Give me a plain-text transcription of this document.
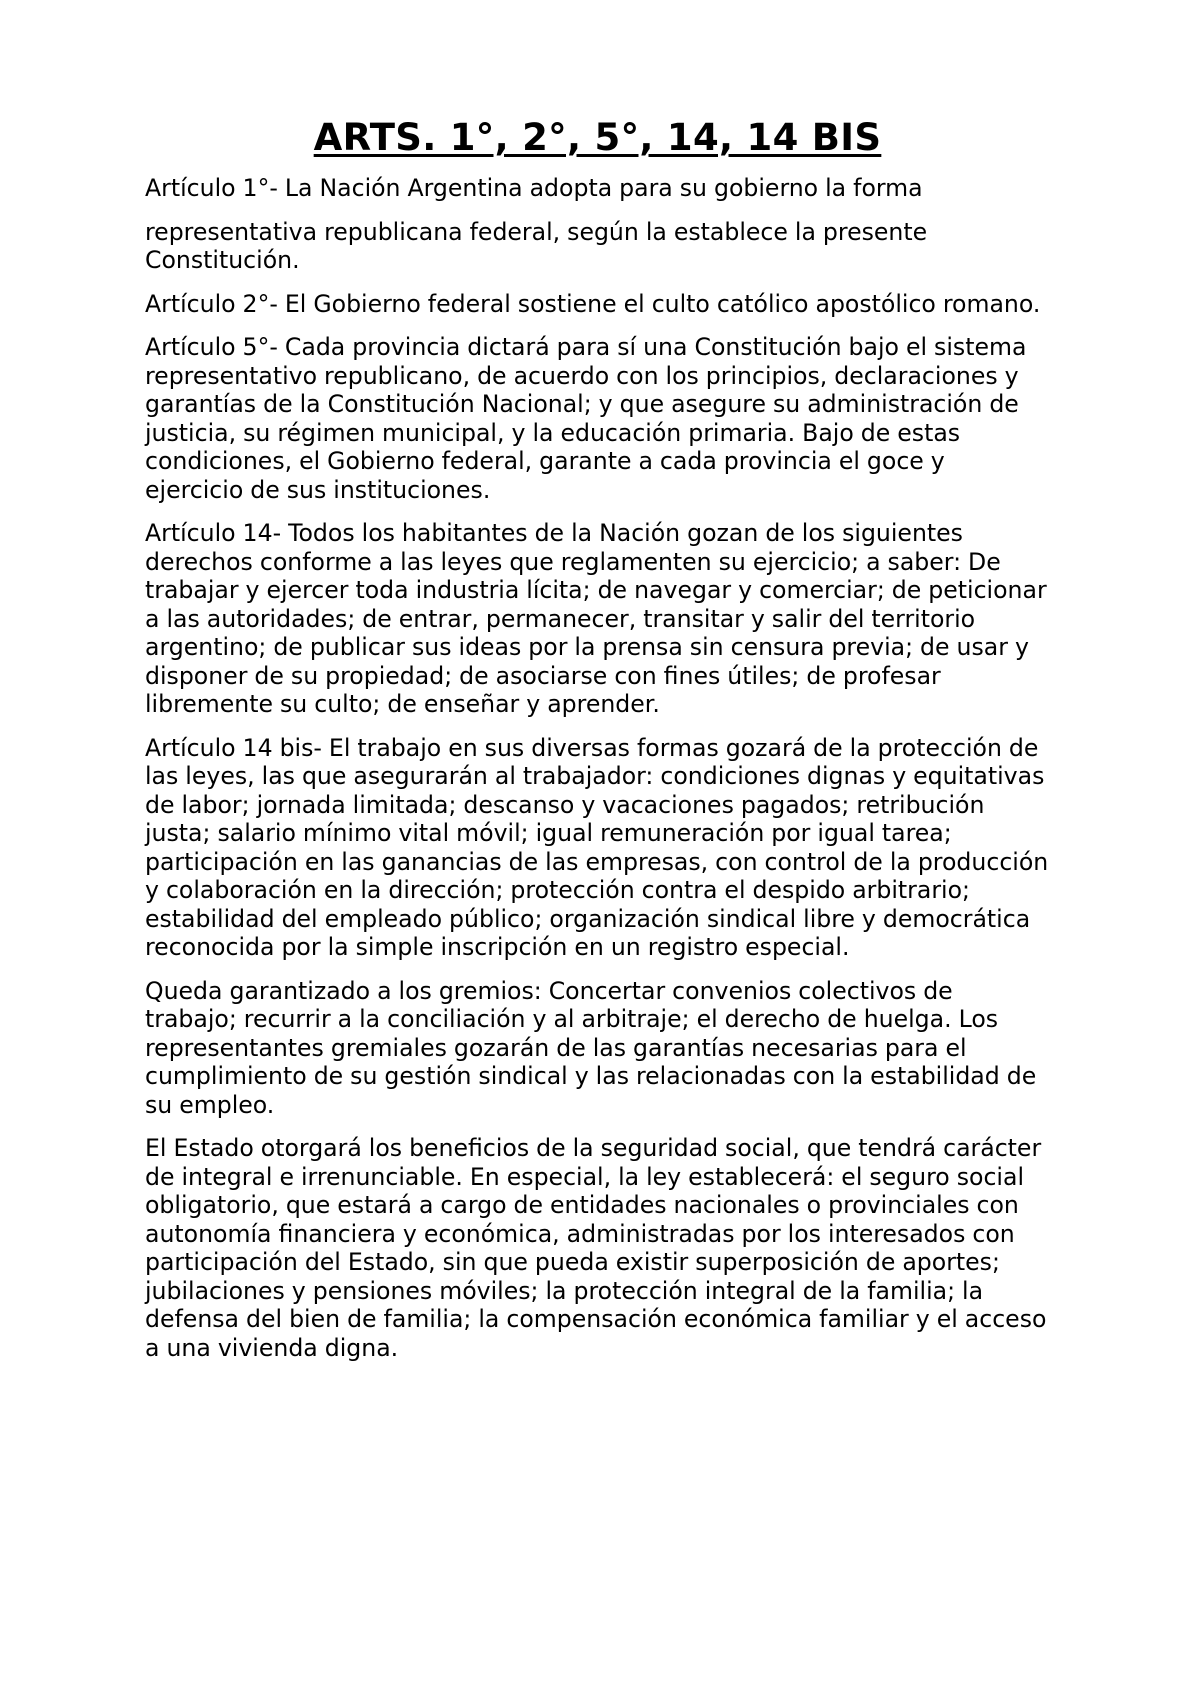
ARTS. 1°, 2°, 5°, 14, 14 BIS

Artículo 1°- La Nación Argentina adopta para su gobierno la forma

representativa republicana federal, según la establece la presente Constitución.

Artículo 2°- El Gobierno federal sostiene el culto católico apostólico romano.

Artículo 5°- Cada provincia dictará para sí una Constitución bajo el sistema representativo republicano, de acuerdo con los principios, declaraciones y garantías de la Constitución Nacional; y que asegure su administración de justicia, su régimen municipal, y la educación primaria. Bajo de estas condiciones, el Gobierno federal, garante a cada provincia el goce y ejercicio de sus instituciones.

Artículo 14- Todos los habitantes de la Nación gozan de los siguientes derechos conforme a las leyes que reglamenten su ejercicio; a saber: De trabajar y ejercer toda industria lícita; de navegar y comerciar; de peticionar a las autoridades; de entrar, permanecer, transitar y salir del territorio argentino; de publicar sus ideas por la prensa sin censura previa; de usar y disponer de su propiedad; de asociarse con fines útiles; de profesar libremente su culto; de enseñar y aprender.

Artículo 14 bis- El trabajo en sus diversas formas gozará de la protección de las leyes, las que asegurarán al trabajador: condiciones dignas y equitativas de labor; jornada limitada; descanso y vacaciones pagados; retribución justa; salario mínimo vital móvil; igual remuneración por igual tarea; participación en las ganancias de las empresas, con control de la producción y colaboración en la dirección; protección contra el despido arbitrario; estabilidad del empleado público; organización sindical libre y democrática reconocida por la simple inscripción en un registro especial.

Queda garantizado a los gremios: Concertar convenios colectivos de trabajo; recurrir a la conciliación y al arbitraje; el derecho de huelga. Los representantes gremiales gozarán de las garantías necesarias para el cumplimiento de su gestión sindical y las relacionadas con la estabilidad de su empleo.

El Estado otorgará los beneficios de la seguridad social, que tendrá carácter de integral e irrenunciable. En especial, la ley establecerá: el seguro social obligatorio, que estará a cargo de entidades nacionales o provinciales con autonomía financiera y económica, administradas por los interesados con participación del Estado, sin que pueda existir superposición de aportes; jubilaciones y pensiones móviles; la protección integral de la familia; la defensa del bien de familia; la compensación económica familiar y el acceso a una vivienda digna.
